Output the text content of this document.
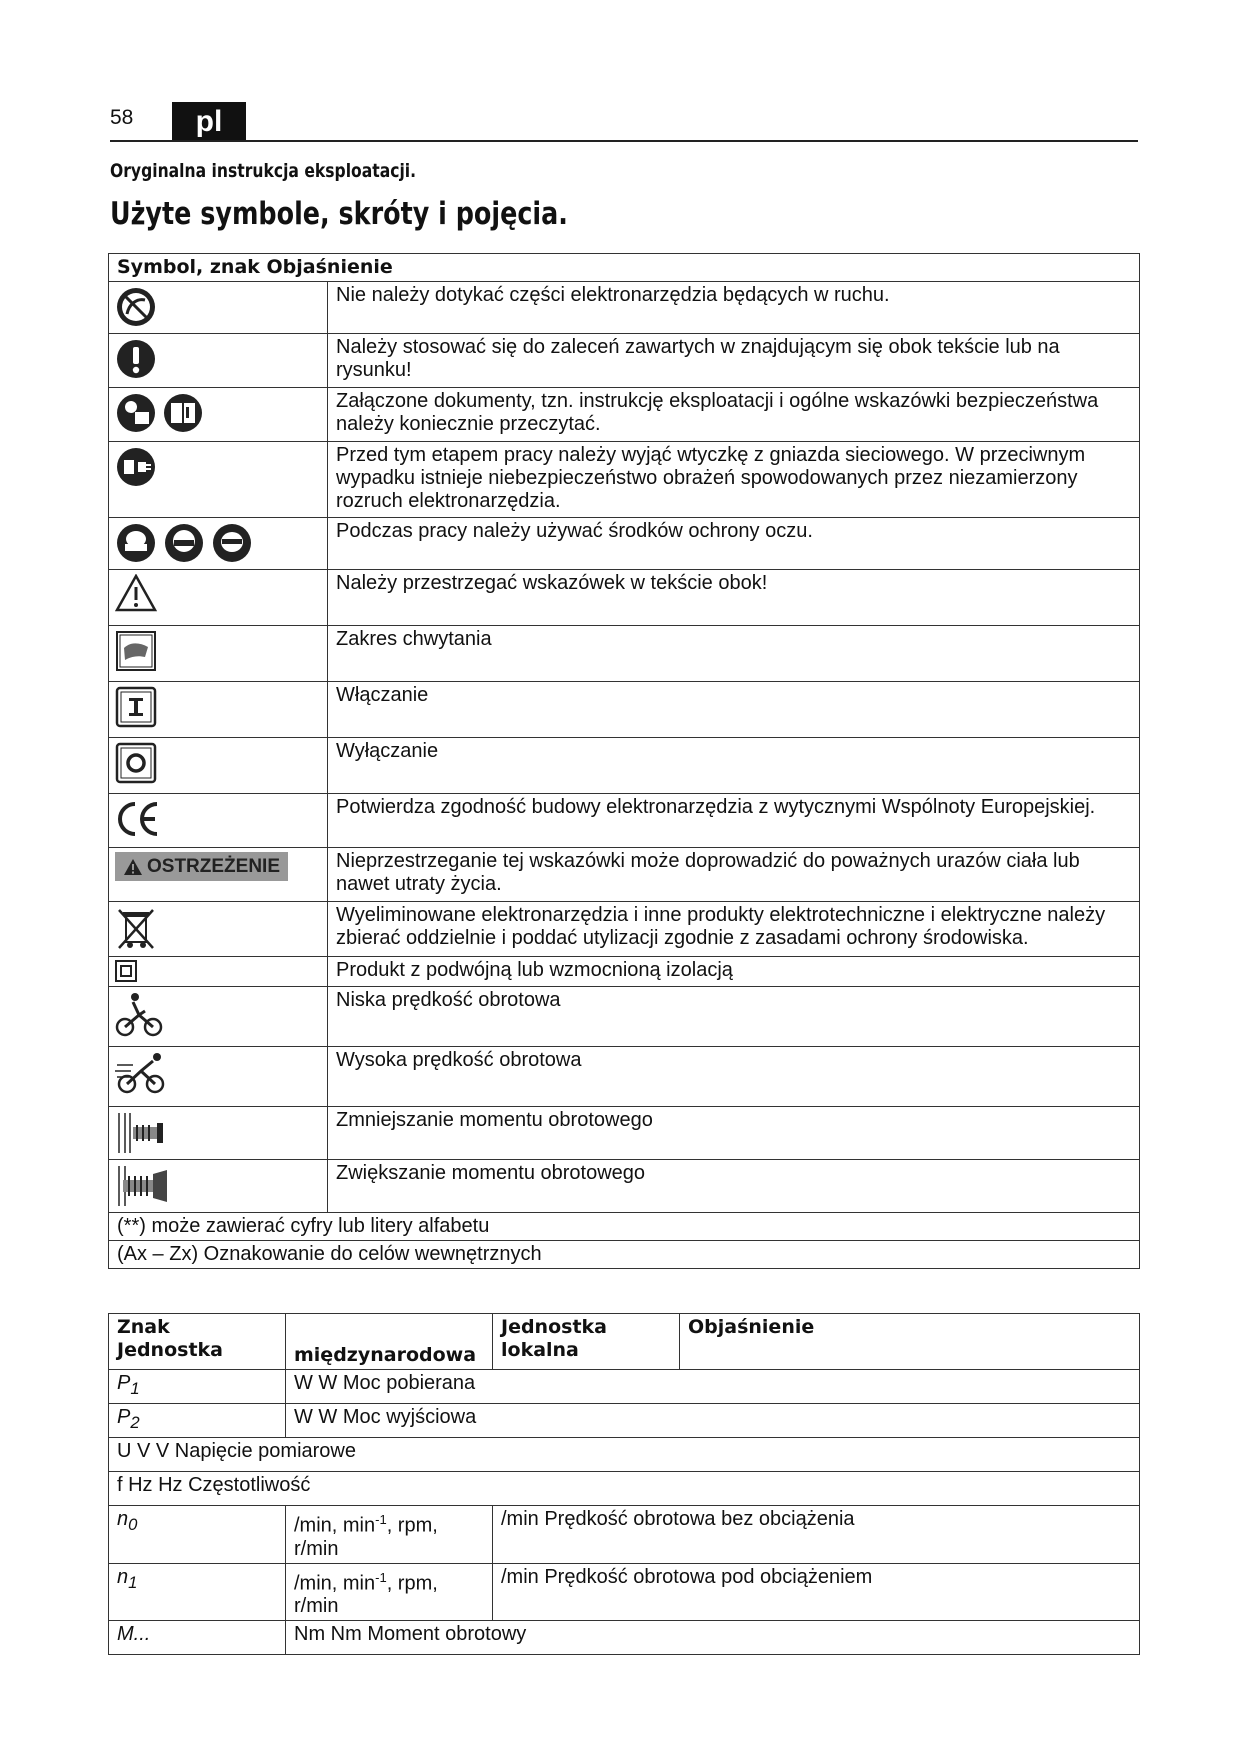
58	pl
Oryginalna instrukcja eksploatacji.
Użyte symbole, skróty i pojęcia.
Symbol, znak Objaśnienie	
	Nie należy dotykać części elektronarzędzia będących w ruchu.
	Należy stosować się do zaleceń zawartych w znajdującym się obok tekście lub na rysunku!
	Załączone dokumenty, tzn. instrukcję eksploatacji i ogólne wskazówki bezpieczeństwa należy koniecznie przeczytać.
	Przed tym etapem pracy należy wyjąć wtyczkę z gniazda sieciowego. W przeciwnym wypadku istnieje niebezpieczeństwo obrażeń spowodowanych przez niezamierzony rozruch elektronarzędzia.
	Podczas pracy należy używać środków ochrony oczu.
	Należy przestrzegać wskazówek w tekście obok!
	Zakres chwytania
	Włączanie
	Wyłączanie
	Potwierdza zgodność budowy elektronarzędzia z wytycznymi Wspólnoty Europejskiej.

OSTRZEŻENIE	Nieprzestrzeganie tej wskazówki może doprowadzić do poważnych urazów ciała lub nawet utraty życia.
	Wyeliminowane elektronarzędzia i inne produkty elektrotechniczne i elektryczne należy zbierać oddzielnie i poddać utylizacji zgodnie z zasadami ochrony środowiska.
	Produkt z podwójną lub wzmocnioną izolacją
	Niska prędkość obrotowa
	Wysoka prędkość obrotowa
	Zmniejszanie momentu obrotowego
	Zwiększanie momentu obrotowego
(**) może zawierać cyfry lub litery alfabetu	
(Ax – Zx) Oznakowanie do celów wewnętrznych	
Znak Jednostka	międzynarodowa	Jednostka lokalna	Objaśnienie
$P_1$	W W Moc pobierana		
$P_2$	W W Moc wyjściowa		
U V V Napięcie pomiarowe			
f Hz Hz Częstotliwość			
$n_0$	/min, $\min^{-1}$, rpm, r/min	/min Prędkość obrotowa bez obciążenia	
$n_1$	/min, $\min^{-1}$, rpm, r/min	/min Prędkość obrotowa pod obciążeniem	
M...	Nm Nm Moment obrotowy		
